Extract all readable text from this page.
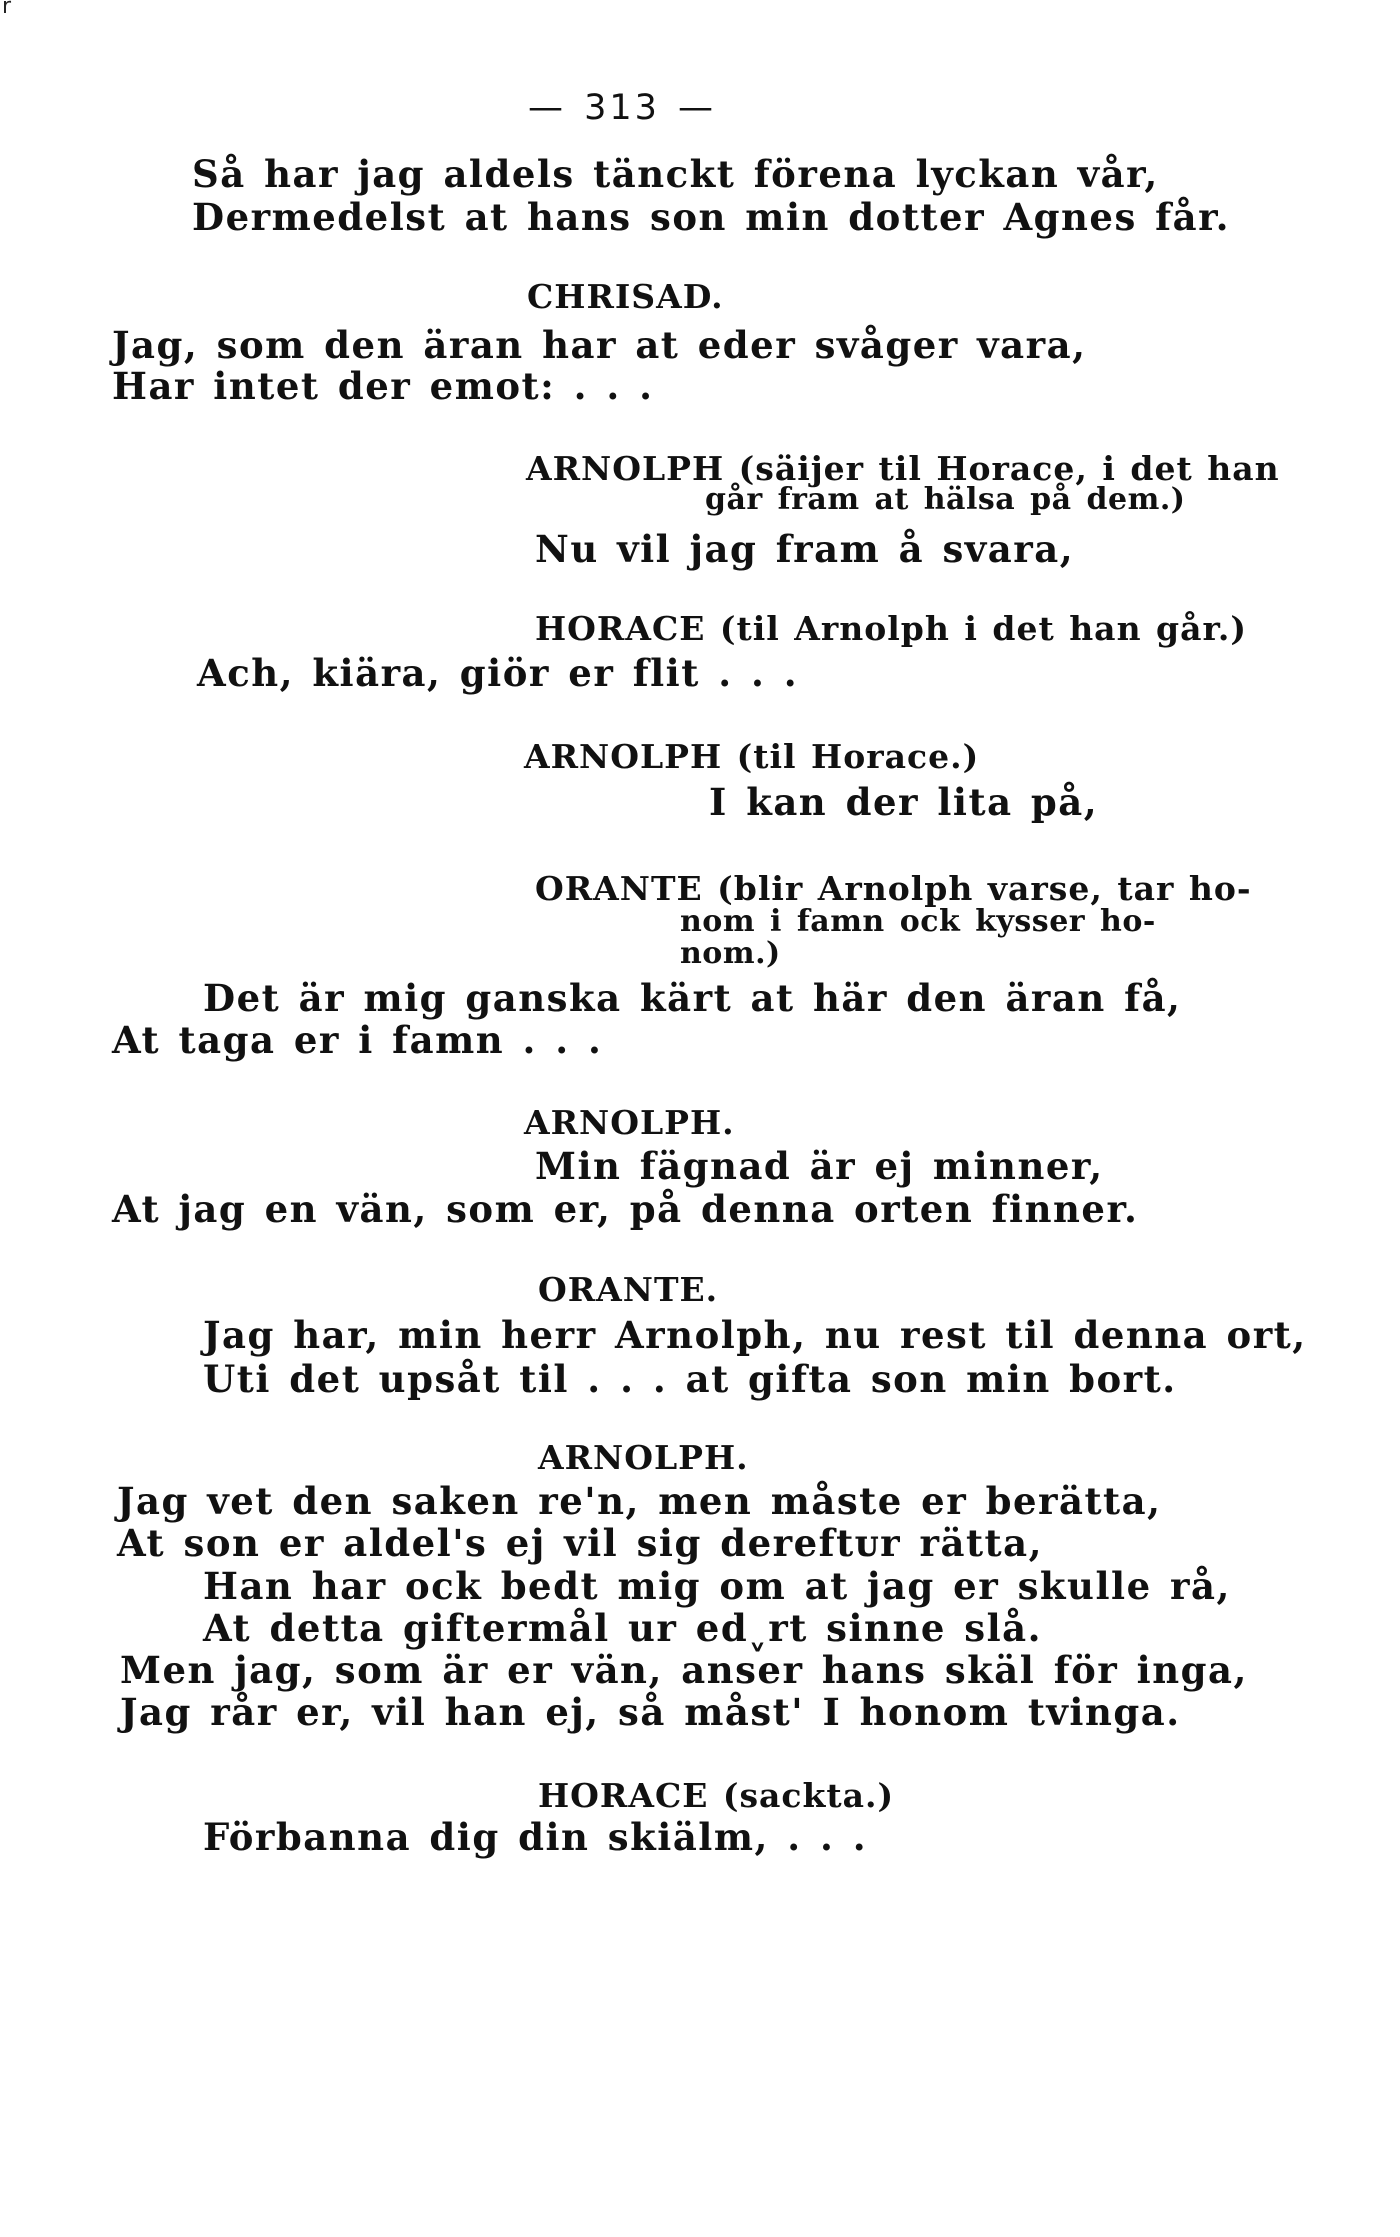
r
— 313 —
Så har jag aldels tänckt förena lyckan vår,
Dermedelst at hans son min dotter Agnes får.
CHRISAD.
Jag, som den äran har at eder svåger vara,
Har intet der emot: . . .
ARNOLPH (säijer til Horace, i det han
går fram at hälsa på dem.)
Nu vil jag fram å svara,
HORACE (til Arnolph i det han går.)
Ach, kiära, giör er flit . . .
ARNOLPH (til Horace.)
I kan der lita på,
ORANTE (blir Arnolph varse, tar ho-
nom i famn ock kysser ho-
nom.)
Det är mig ganska kärt at här den äran få,
At taga er i famn . . .
ARNOLPH.
Min fägnad är ej minner,
At jag en vän, som er, på denna orten finner.
ORANTE.
Jag har, min herr Arnolph, nu rest til denna ort,
Uti det upsåt til . . . at gifta son min bort.
ARNOLPH.
Jag vet den saken re'n, men måste er berätta,
At son er aldel's ej vil sig dereftᴜr rätta,
Han har ock bedt mig om at jag er skulle rå,
At detta giftermål ur edˬrt sinne slå.
Men jag, som är er vän, anser hans skäl för inga,
Jag rår er, vil han ej, så måst' I honom tvinga.
HORACE (sackta.)
Förbanna dig din skiälm, . . .
